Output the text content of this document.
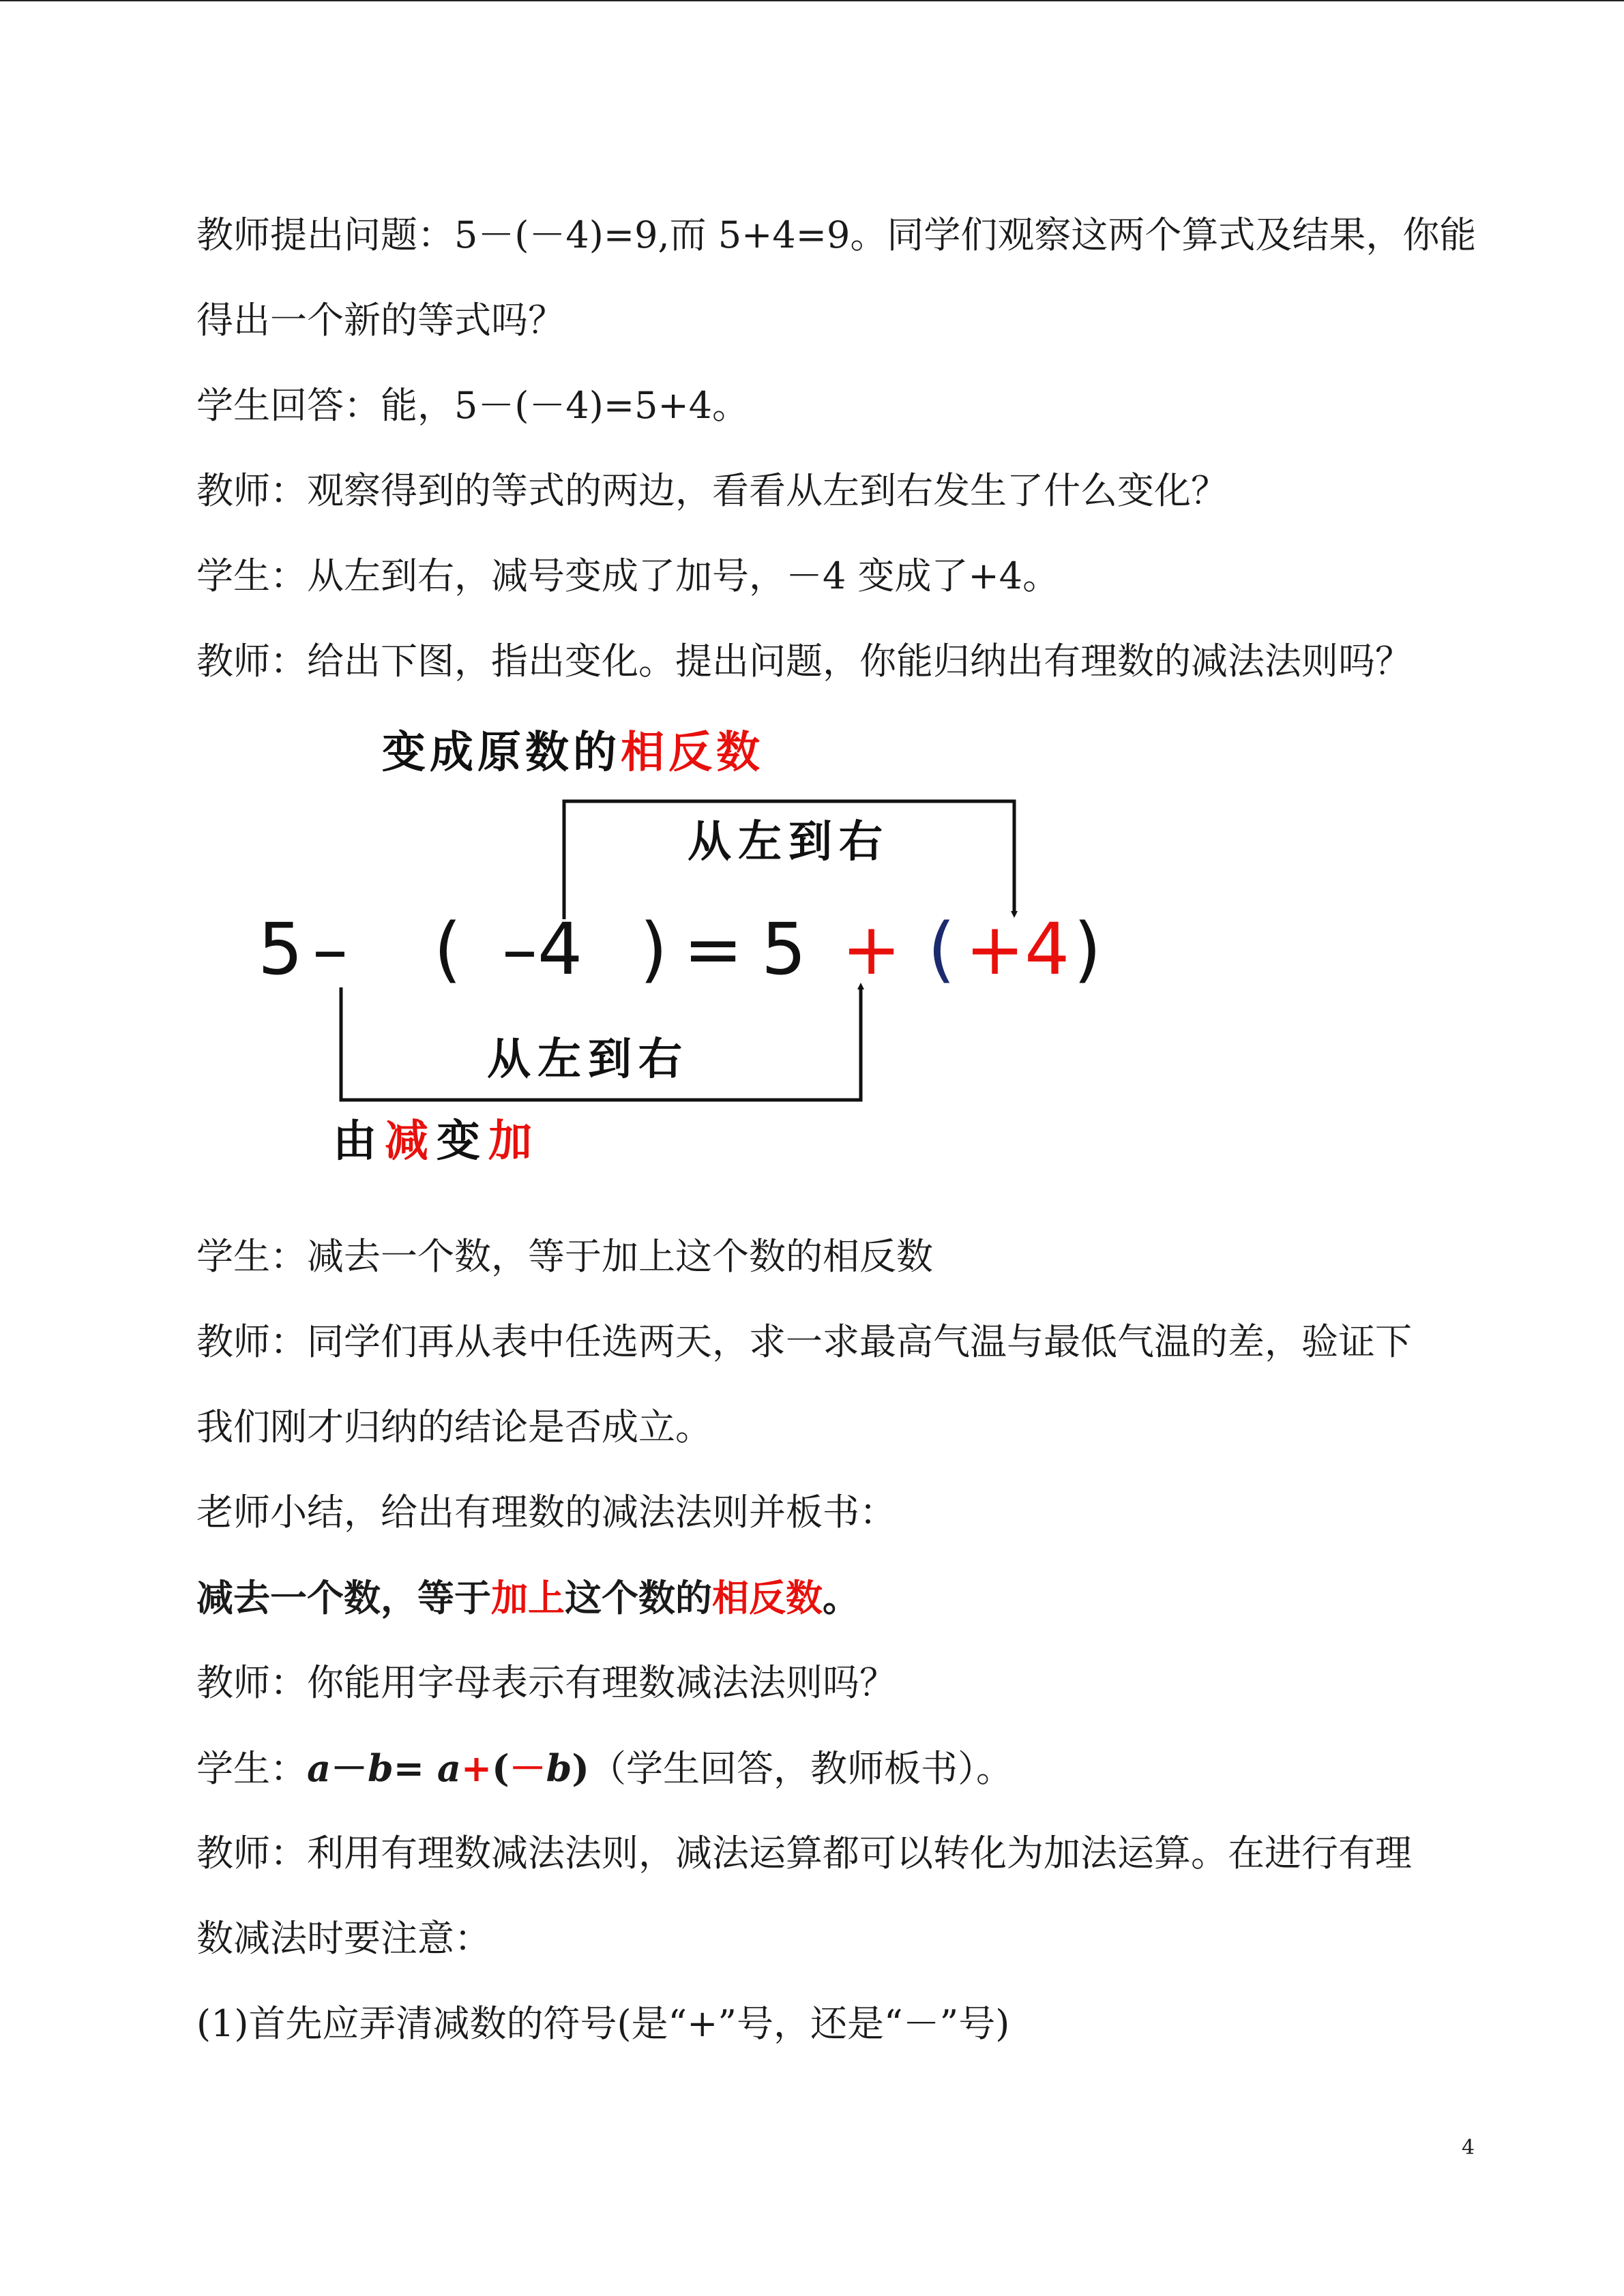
教师提出问题：5－(－4)=9,而 5+4=9。同学们观察这两个算式及结果，你能
得出一个新的等式吗？
学生回答：能，5－(－4)=5+4。
教师：观察得到的等式的两边，看看从左到右发生了什么变化？
学生：从左到右，减号变成了加号，－4 变成了+4。
教师：给出下图，指出变化。提出问题，你能归纳出有理数的减法法则吗？
变成原数的相反数
从左到右
5 – ( –4 ) = 5 + ( +4 )
从左到右
由减变加
学生：减去一个数，等于加上这个数的相反数
教师：同学们再从表中任选两天，求一求最高气温与最低气温的差，验证下
我们刚才归纳的结论是否成立。
老师小结，给出有理数的减法法则并板书：
减去一个数，等于加上这个数的相反数。
教师：你能用字母表示有理数减法法则吗？
学生：a－b= a+(－b)（学生回答，教师板书）。
教师：利用有理数减法法则，减法运算都可以转化为加法运算。在进行有理
数减法时要注意：
(1)首先应弄清减数的符号(是“+”号，还是“－”号)
4
